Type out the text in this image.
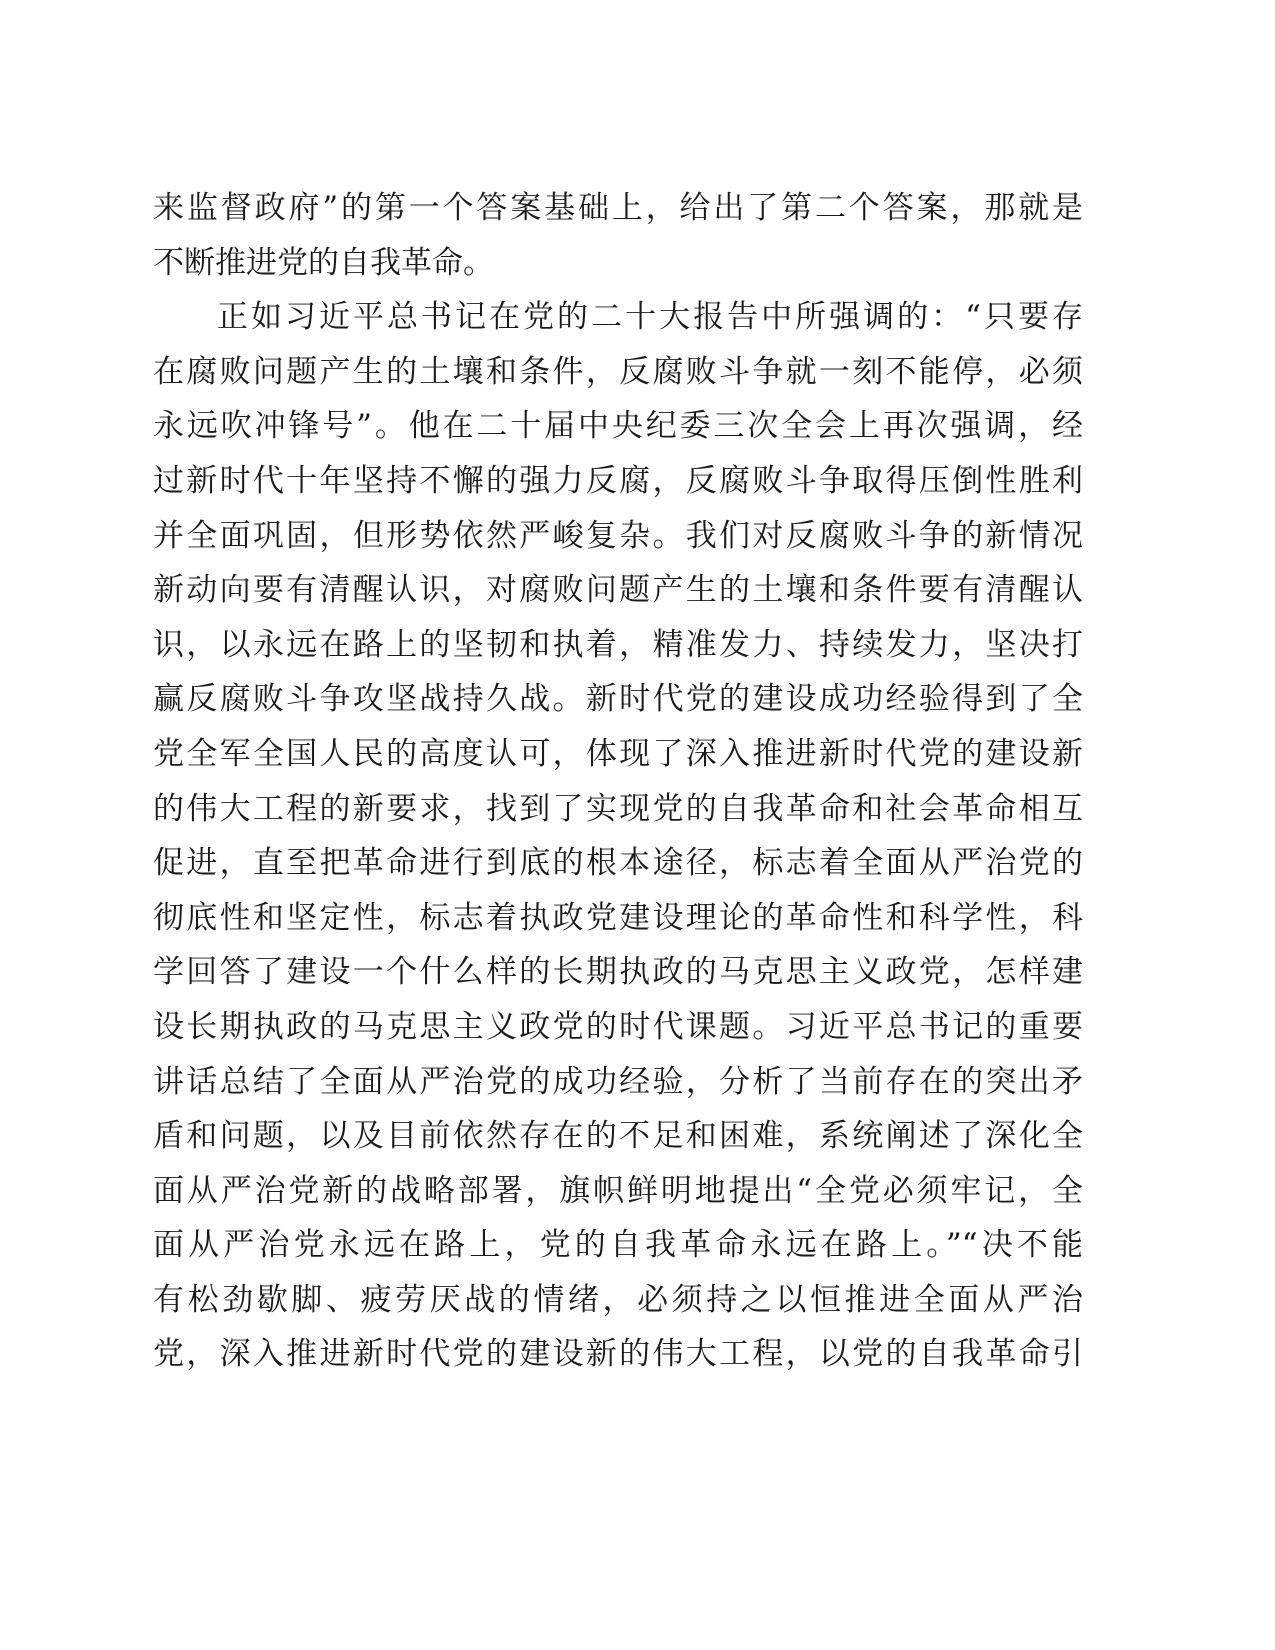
来监督政府”的第一个答案基础上，给出了第二个答案，那就是
不断推进党的自我革命。
正如习近平总书记在党的二十大报告中所强调的：“只要存
在腐败问题产生的土壤和条件，反腐败斗争就一刻不能停，必须
永远吹冲锋号”。他在二十届中央纪委三次全会上再次强调，经
过新时代十年坚持不懈的强力反腐，反腐败斗争取得压倒性胜利
并全面巩固，但形势依然严峻复杂。我们对反腐败斗争的新情况
新动向要有清醒认识，对腐败问题产生的土壤和条件要有清醒认
识，以永远在路上的坚韧和执着，精准发力、持续发力，坚决打
赢反腐败斗争攻坚战持久战。新时代党的建设成功经验得到了全
党全军全国人民的高度认可，体现了深入推进新时代党的建设新
的伟大工程的新要求，找到了实现党的自我革命和社会革命相互
促进，直至把革命进行到底的根本途径，标志着全面从严治党的
彻底性和坚定性，标志着执政党建设理论的革命性和科学性，科
学回答了建设一个什么样的长期执政的马克思主义政党，怎样建
设长期执政的马克思主义政党的时代课题。习近平总书记的重要
讲话总结了全面从严治党的成功经验，分析了当前存在的突出矛
盾和问题，以及目前依然存在的不足和困难，系统阐述了深化全
面从严治党新的战略部署，旗帜鲜明地提出“全党必须牢记，全
面从严治党永远在路上，党的自我革命永远在路上。”“决不能
有松劲歇脚、疲劳厌战的情绪，必须持之以恒推进全面从严治
党，深入推进新时代党的建设新的伟大工程，以党的自我革命引
